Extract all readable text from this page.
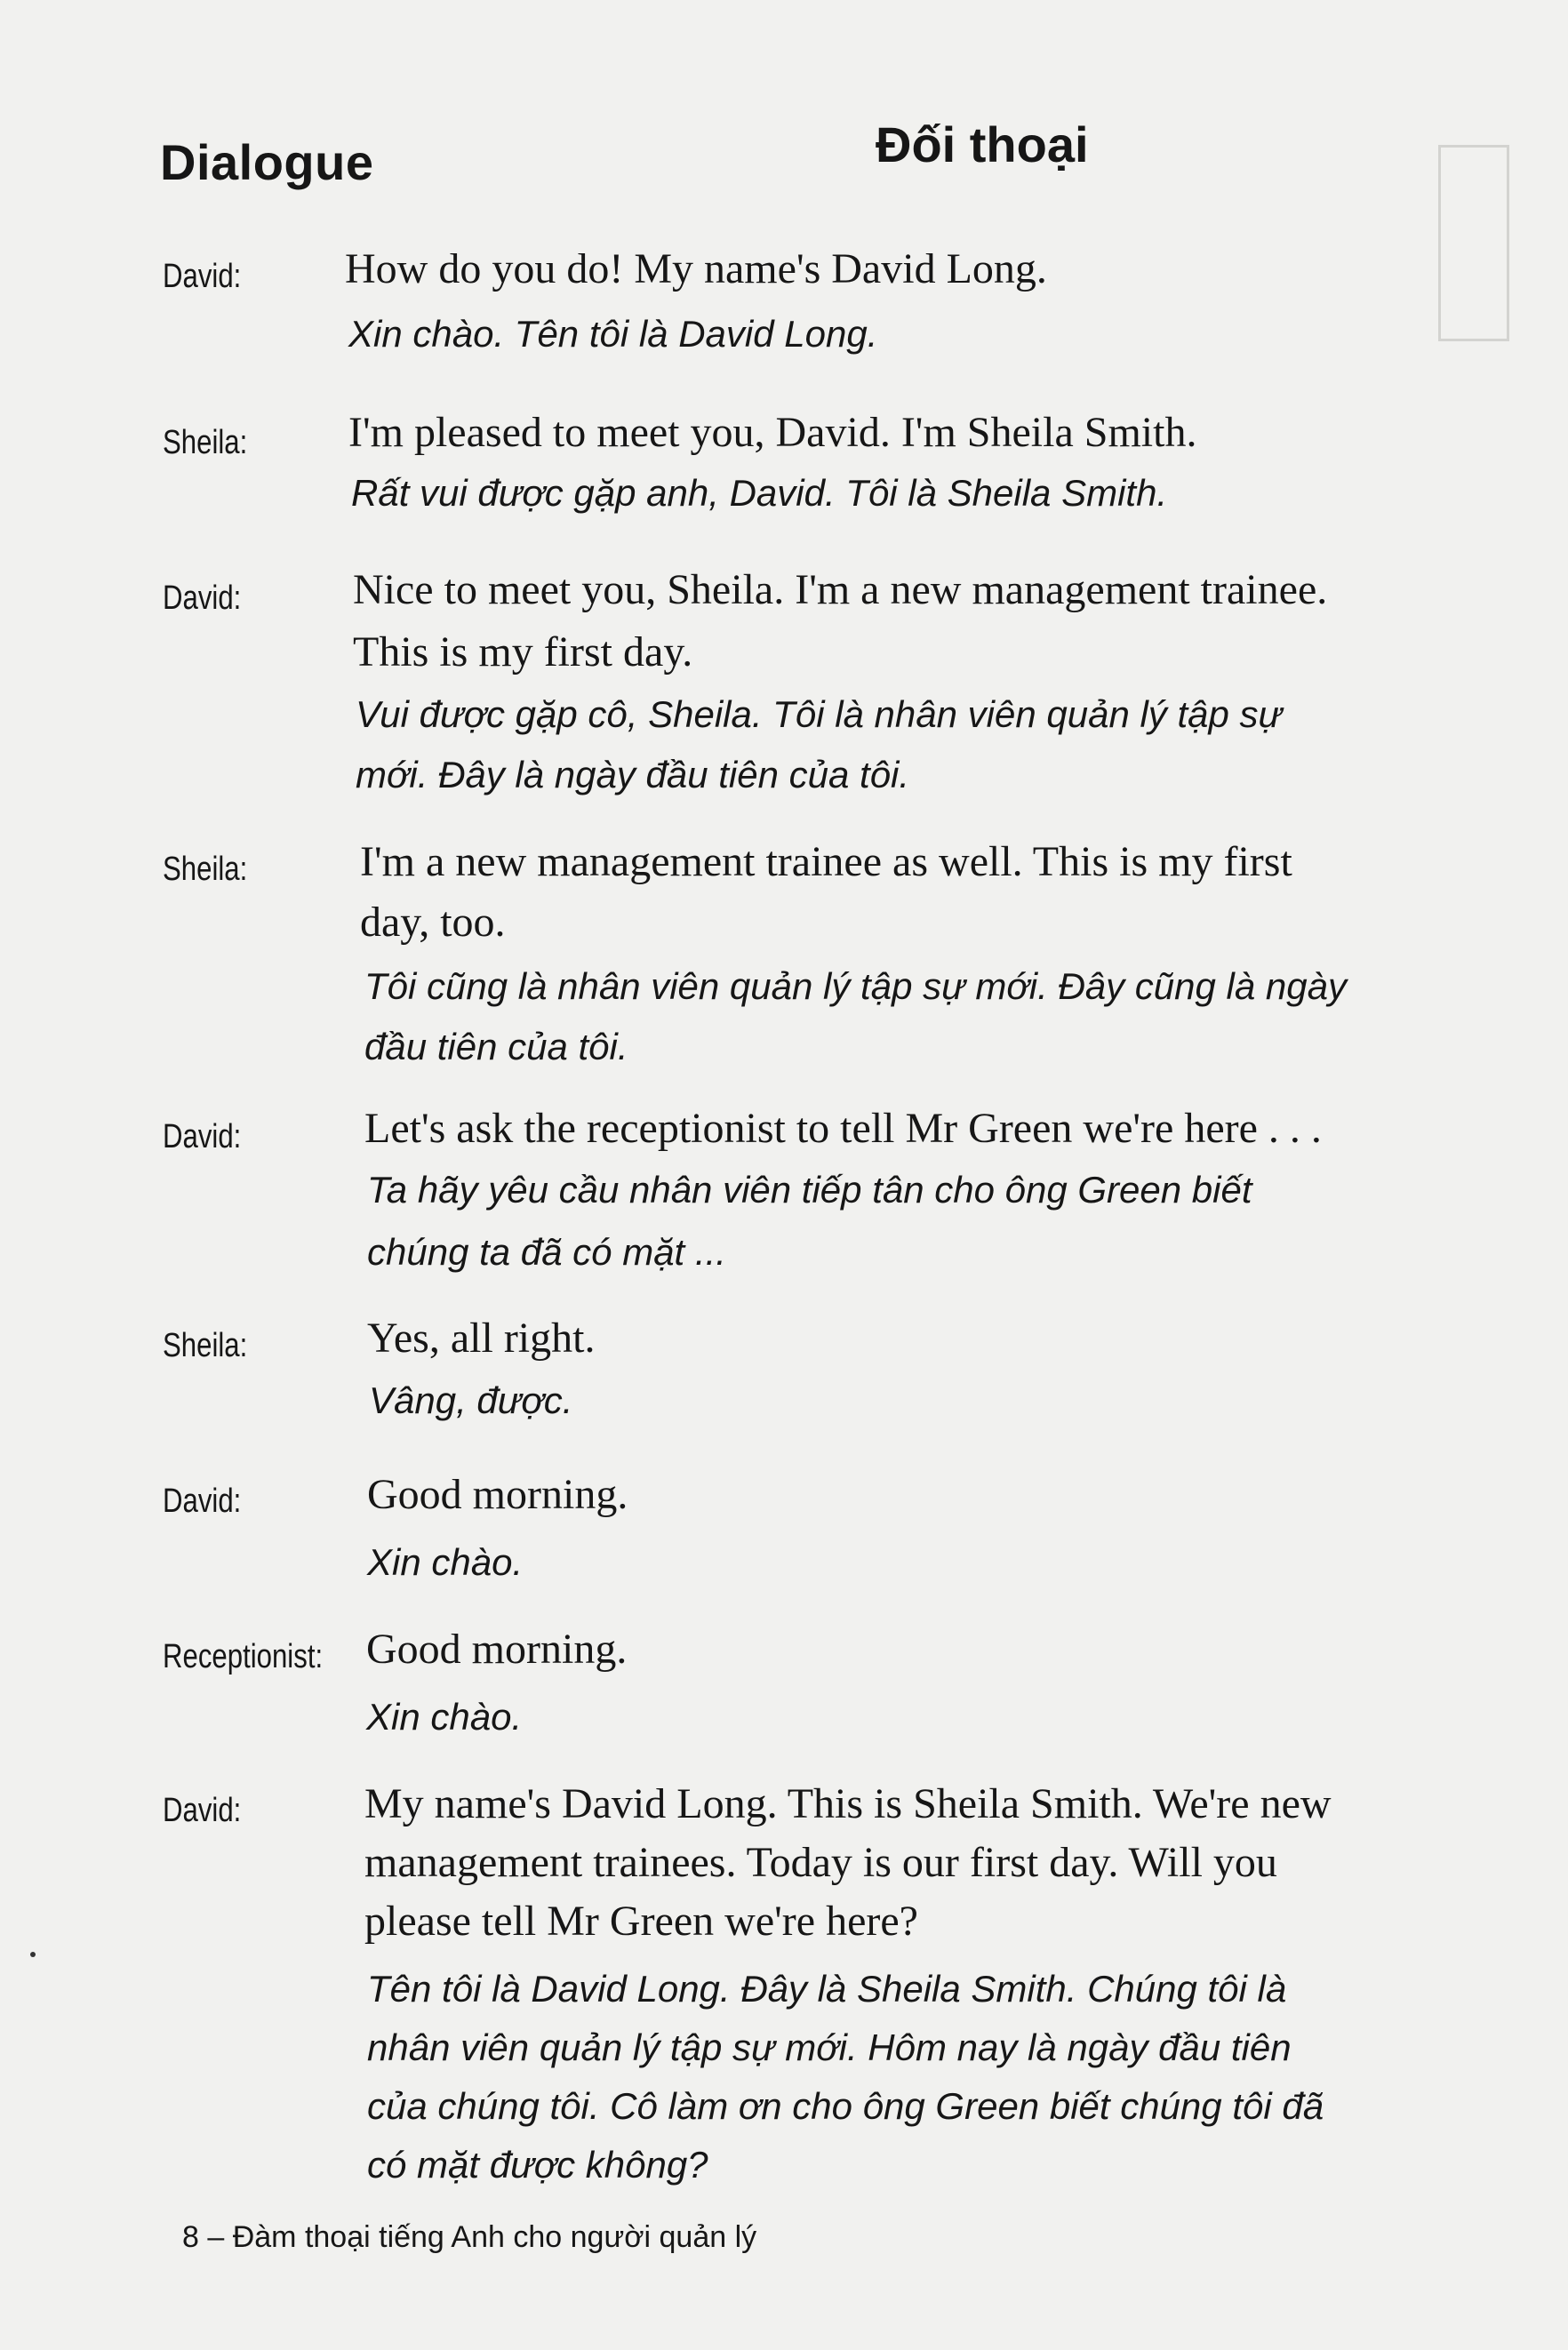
Dialogue	Đối thoại
David: How do you do! My name's David Long.
Xin chào. Tên tôi là David Long.
Sheila: I'm pleased to meet you, David. I'm Sheila Smith.
Rất vui được gặp anh, David. Tôi là Sheila Smith.
David:	Nice to meet you, Sheila. I'm a new management trainee.
This is my first day.
Vui được gặp cô, Sheila. Tôi là nhân viên quản lý tập sự
mới. Đây là ngày đầu tiên của tôi.
Sheila:	I'm a new management trainee as well. This is my first
day, too.
Tôi cũng là nhân viên quản lý tập sự mới. Đây cũng là ngày
đầu tiên của tôi.
David:	Let's ask the receptionist to tell Mr Green we're here . . .
Ta hãy yêu cầu nhân viên tiếp tân cho ông Green biết
chúng ta đã có mặt ...
Sheila:	Yes, all right.
Vâng, được.
David:	Good morning.
Xin chào.
Receptionist: Good morning.
Xin chào.
David:	My name's David Long. This is Sheila Smith. We're new
management trainees. Today is our first day. Will you
please tell Mr Green we're here?
Tên tôi là David Long. Đây là Sheila Smith. Chúng tôi là
nhân viên quản lý tập sự mới. Hôm nay là ngày đầu tiên
của chúng tôi. Cô làm ơn cho ông Green biết chúng tôi đã
có mặt được không?
8 – Đàm thoại tiếng Anh cho người quản lý
